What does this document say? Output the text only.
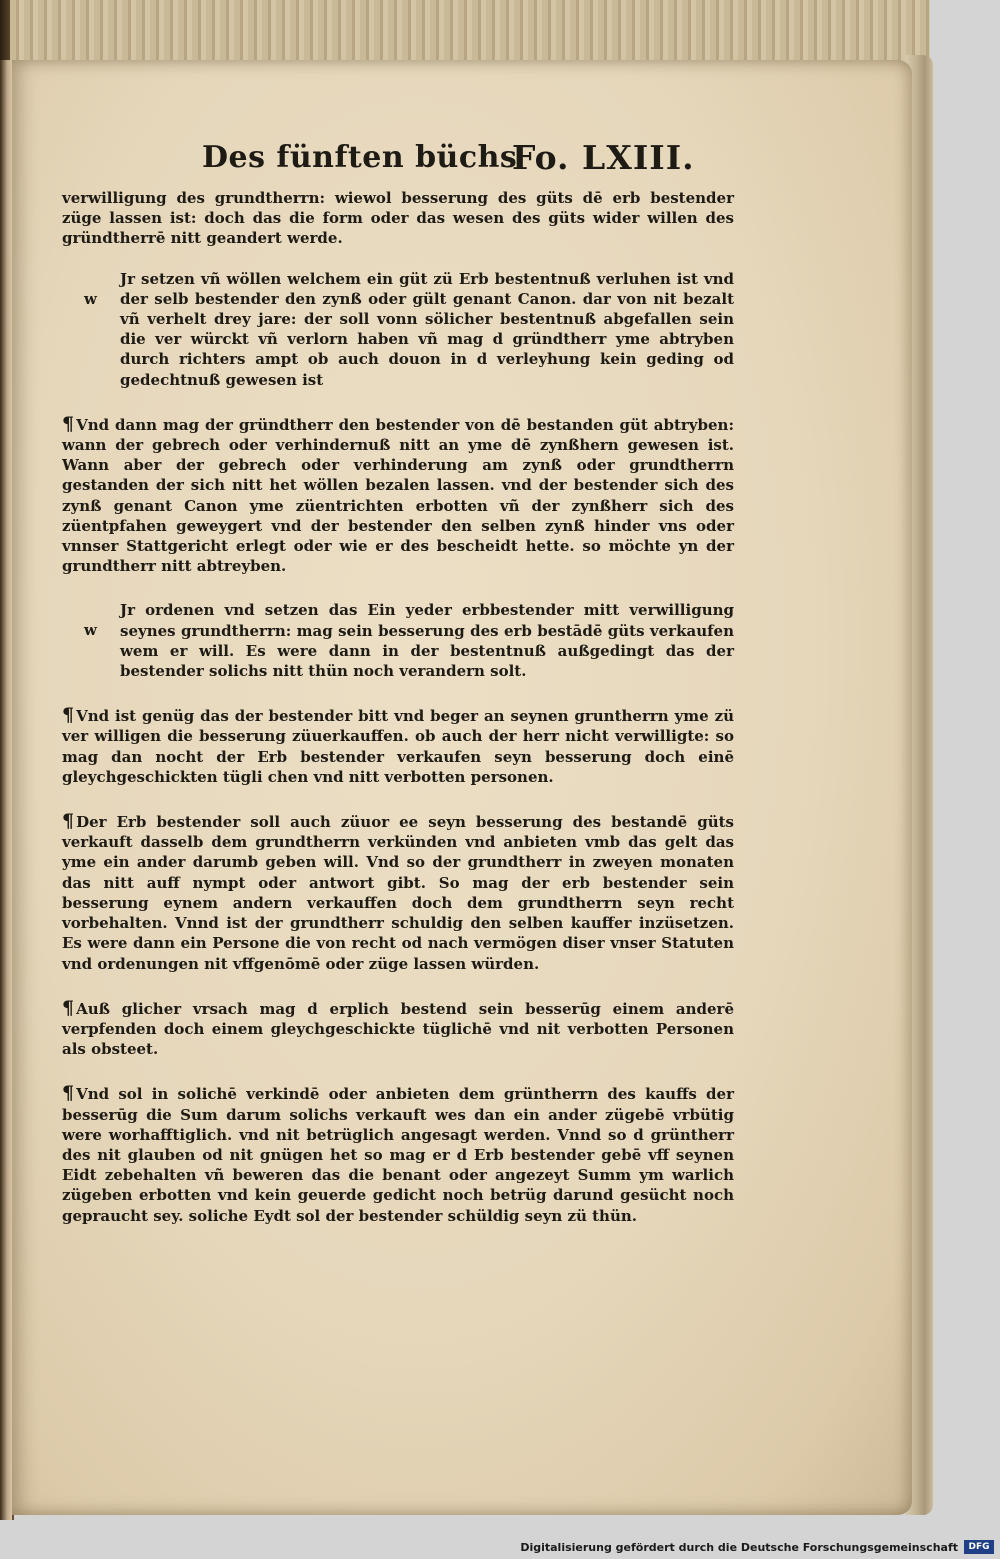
Des fünften büchs
Fo. LXIII.

verwilligung des grundtherrn: wiewol besserung des güts dē erb bestender züge lassen ist: doch das die form oder das wesen des güts wider willen des gründtherrē nitt geandert werde.

w
Jr setzen vñ wöllen welchem ein güt zü Erb bestentnuß verluhen ist vnd der selb bestender den zynß oder gült genant Canon. dar von nit bezalt vñ verhelt drey jare: der soll vonn sölicher bestentnuß abgefallen sein die ver würckt vñ verlorn haben vñ mag d gründtherr yme abtryben durch richters ampt ob auch douon in d verleyhung kein geding od gedechtnuß gewesen ist

¶ Vnd dann mag der gründtherr den bestender von dē bestanden güt abtryben: wann der gebrech oder verhindernuß nitt an yme dē zynßhern gewesen ist. Wann aber der gebrech oder verhinderung am zynß oder grundtherrn gestanden der sich nitt het wöllen bezalen lassen. vnd der bestender sich des zynß genant Canon yme züentrichten erbotten vñ der zynßherr sich des züentpfahen geweygert vnd der bestender den selben zynß hinder vns oder vnnser Stattgericht erlegt oder wie er des bescheidt hette. so möchte yn der grundtherr nitt abtreyben.

w
Jr ordenen vnd setzen das Ein yeder erbbestender mitt verwilligung seynes grundtherrn: mag sein besserung des erb bestādē güts verkaufen wem er will. Es were dann in der bestentnuß außgedingt das der bestender solichs nitt thün noch verandern solt.

¶ Vnd ist genüg das der bestender bitt vnd beger an seynen gruntherrn yme zü ver willigen die besserung züuerkauffen. ob auch der herr nicht verwilligte: so mag dan nocht der Erb bestender verkaufen seyn besserung doch einē gleychgeschickten tügli chen vnd nitt verbotten personen.

¶ Der Erb bestender soll auch züuor ee seyn besserung des bestandē güts verkauft dasselb dem grundtherrn verkünden vnd anbieten vmb das gelt das yme ein ander darumb geben will. Vnd so der grundtherr in zweyen monaten das nitt auff nympt oder antwort gibt. So mag der erb bestender sein besserung eynem andern verkauffen doch dem grundtherrn seyn recht vorbehalten. Vnnd ist der grundtherr schuldig den selben kauffer inzüsetzen. Es were dann ein Persone die von recht od nach vermögen diser vnser Statuten vnd ordenungen nit vffgenōmē oder züge lassen würden.

¶ Auß glicher vrsach mag d erplich bestend sein besserūg einem anderē verpfenden doch einem gleychgeschickte tüglichē vnd nit verbotten Personen als obsteet.

¶ Vnd sol in solichē verkindē oder anbieten dem grüntherrn des kauffs der besserūg die Sum darum solichs verkauft wes dan ein ander zügebē vrbütig were worhafftiglich. vnd nit betrüglich angesagt werden. Vnnd so d grüntherr des nit glauben od nit gnügen het so mag er d Erb bestender gebē vff seynen Eidt zebehalten vñ beweren das die benant oder angezeyt Summ ym warlich zügeben erbotten vnd kein geuerde gedicht noch betrüg darund gesücht noch gepraucht sey. soliche Eydt sol der bestender schüldig seyn zü thün.

Digitalisierung gefördert durch die Deutsche Forschungsgemeinschaft	DFG
